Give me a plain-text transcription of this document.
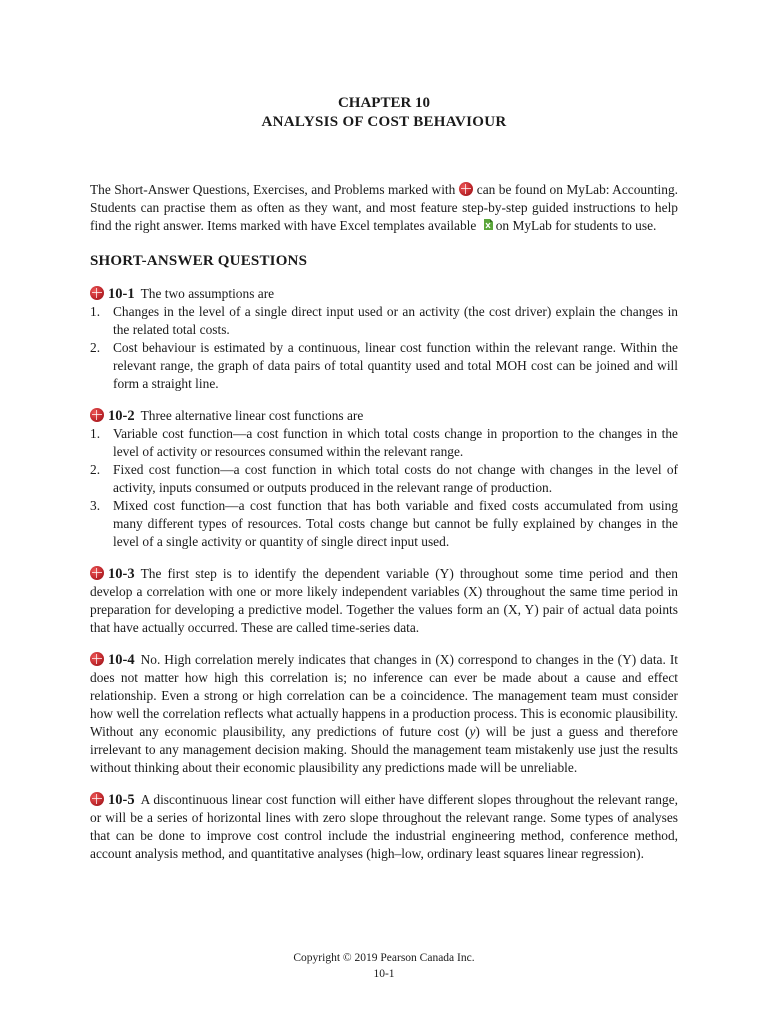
CHAPTER 10
ANALYSIS OF COST BEHAVIOUR

The Short-Answer Questions, Exercises, and Problems marked with can be found on MyLab: Accounting. Students can practise them as often as they want, and most feature step-by-step guided instructions to help find the right answer. Items marked with have Excel templates available on MyLab for students to use.

SHORT-ANSWER QUESTIONS
10-1 The two assumptions are
1. Changes in the level of a single direct input used or an activity (the cost driver) explain the changes in the related total costs.
2. Cost behaviour is estimated by a continuous, linear cost function within the relevant range. Within the relevant range, the graph of data pairs of total quantity used and total MOH cost can be joined and will form a straight line.
10-2 Three alternative linear cost functions are
1. Variable cost function—a cost function in which total costs change in proportion to the changes in the level of activity or resources consumed within the relevant range.
2. Fixed cost function—a cost function in which total costs do not change with changes in the level of activity, inputs consumed or outputs produced in the relevant range of production.
3. Mixed cost function—a cost function that has both variable and fixed costs accumulated from using many different types of resources. Total costs change but cannot be fully explained by changes in the level of a single activity or quantity of single direct input used.
10-3 The first step is to identify the dependent variable (Y) throughout some time period and then develop a correlation with one or more likely independent variables (X) throughout the same time period in preparation for developing a predictive model. Together the values form an (X, Y) pair of actual data points that have actually occurred. These are called time-series data.
10-4 No. High correlation merely indicates that changes in (X) correspond to changes in the (Y) data. It does not matter how high this correlation is; no inference can ever be made about a cause and effect relationship. Even a strong or high correlation can be a coincidence. The management team must consider how well the correlation reflects what actually happens in a production process. This is economic plausibility. Without any economic plausibility, any predictions of future cost (y) will be just a guess and therefore irrelevant to any management decision making. Should the management team mistakenly use just the results without thinking about their economic plausibility any predictions made will be unreliable.
10-5 A discontinuous linear cost function will either have different slopes throughout the relevant range, or will be a series of horizontal lines with zero slope throughout the relevant range. Some types of analyses that can be done to improve cost control include the industrial engineering method, conference method, account analysis method, and quantitative analyses (high–low, ordinary least squares linear regression).
Copyright © 2019 Pearson Canada Inc.
10-1
